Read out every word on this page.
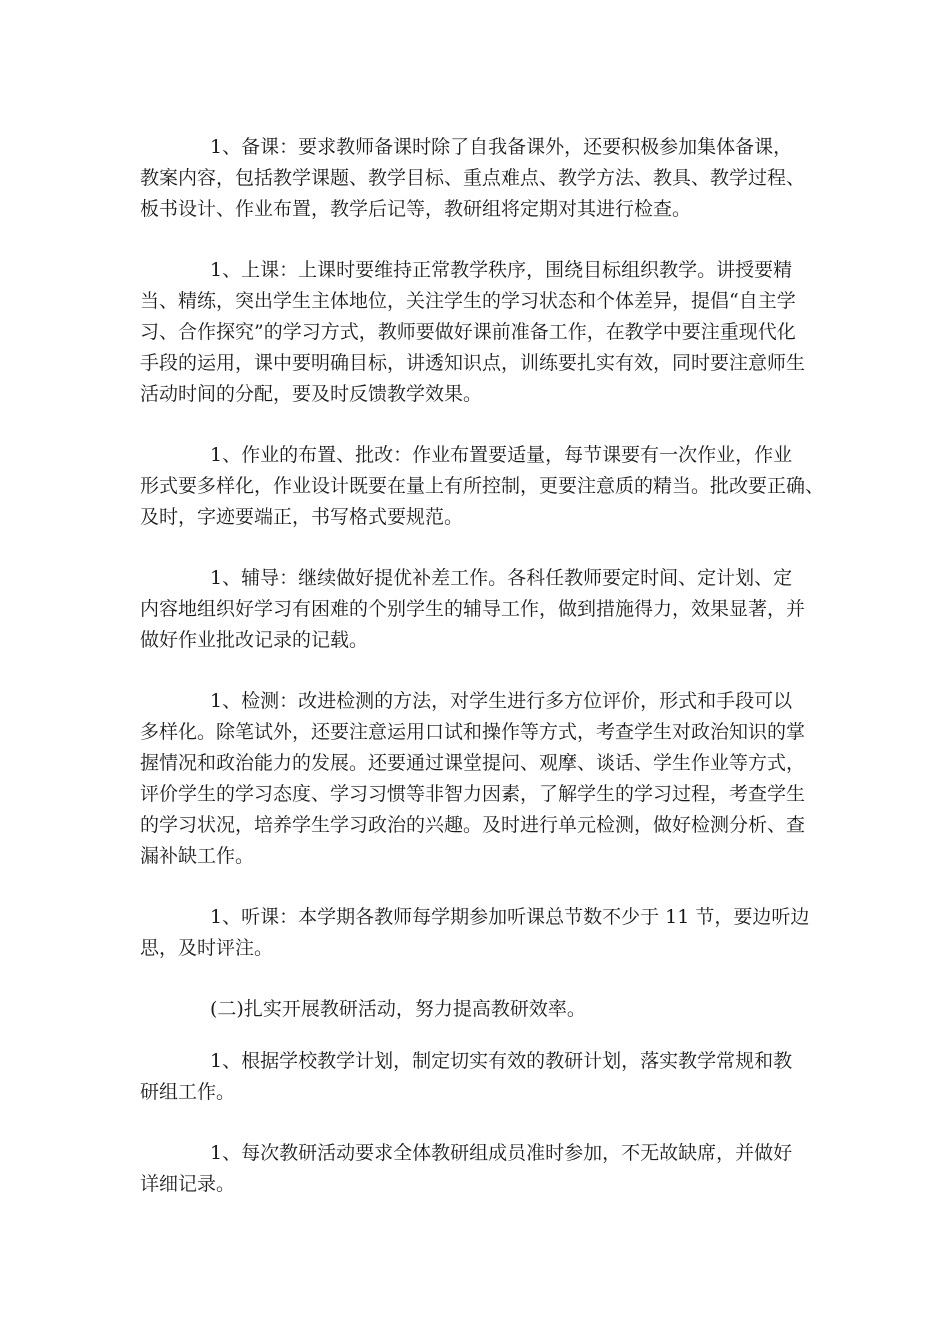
1、备课：要求教师备课时除了自我备课外，还要积极参加集体备课，
教案内容，包括教学课题、教学目标、重点难点、教学方法、教具、教学过程、
板书设计、作业布置，教学后记等，教研组将定期对其进行检查。
1、上课：上课时要维持正常教学秩序，围绕目标组织教学。讲授要精
当、精练，突出学生主体地位，关注学生的学习状态和个体差异，提倡“自主学
习、合作探究”的学习方式，教师要做好课前准备工作，在教学中要注重现代化
手段的运用，课中要明确目标，讲透知识点，训练要扎实有效，同时要注意师生
活动时间的分配，要及时反馈教学效果。
1、作业的布置、批改：作业布置要适量，每节课要有一次作业，作业
形式要多样化，作业设计既要在量上有所控制，更要注意质的精当。批改要正确、
及时，字迹要端正，书写格式要规范。
1、辅导：继续做好提优补差工作。各科任教师要定时间、定计划、定
内容地组织好学习有困难的个别学生的辅导工作，做到措施得力，效果显著，并
做好作业批改记录的记载。
1、检测：改进检测的方法，对学生进行多方位评价，形式和手段可以
多样化。除笔试外，还要注意运用口试和操作等方式，考查学生对政治知识的掌
握情况和政治能力的发展。还要通过课堂提问、观摩、谈话、学生作业等方式，
评价学生的学习态度、学习习惯等非智力因素，了解学生的学习过程，考查学生
的学习状况，培养学生学习政治的兴趣。及时进行单元检测，做好检测分析、查
漏补缺工作。
1、听课：本学期各教师每学期参加听课总节数不少于 11 节，要边听边
思，及时评注。
(二)扎实开展教研活动，努力提高教研效率。
1、根据学校教学计划，制定切实有效的教研计划，落实教学常规和教
研组工作。
1、每次教研活动要求全体教研组成员准时参加，不无故缺席，并做好
详细记录。
